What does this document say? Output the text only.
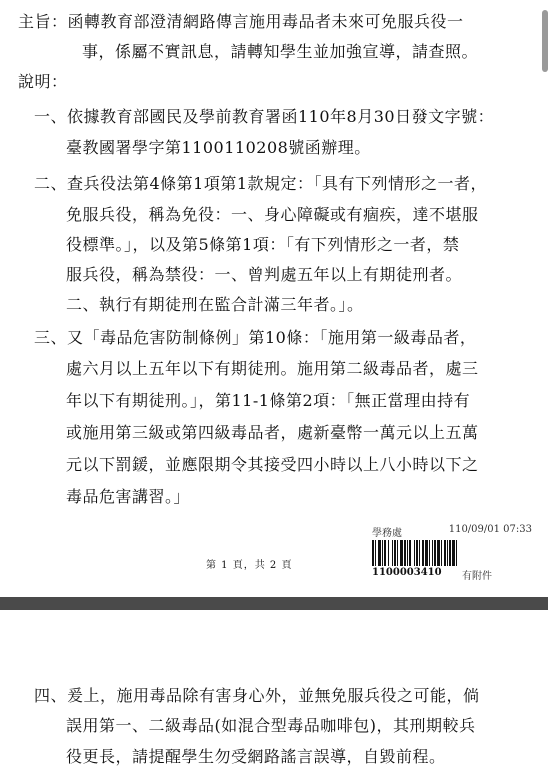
主旨：函轉教育部澄清網路傳言施用毒品者未來可免服兵役一
事，係屬不實訊息，請轉知學生並加強宣導，請查照。
說明：
一、依據教育部國民及學前教育署函110年8月30日發文字號：
臺教國署學字第1100110208號函辦理。
二、查兵役法第4條第1項第1款規定：「具有下列情形之一者，
免服兵役，稱為免役：一、身心障礙或有痼疾，達不堪服
役標準。」，以及第5條第1項：「有下列情形之一者，禁
服兵役，稱為禁役：一、曾判處五年以上有期徒刑者。
二、執行有期徒刑在監合計滿三年者。」。
三、又「毒品危害防制條例」第10條：「施用第一級毒品者，
處六月以上五年以下有期徒刑。施用第二級毒品者，處三
年以下有期徒刑。」，第11-1條第2項：「無正當理由持有
或施用第三級或第四級毒品者，處新臺幣一萬元以上五萬
元以下罰鍰，並應限期令其接受四小時以上八小時以下之
毒品危害講習。」
第 1 頁，共 2 頁
學務處	110/09/01 07:33
1100003410 有附件
四、爰上，施用毒品除有害身心外，並無免服兵役之可能，倘
誤用第一、二級毒品(如混合型毒品咖啡包)，其刑期較兵
役更長，請提醒學生勿受網路謠言誤導，自毀前程。
